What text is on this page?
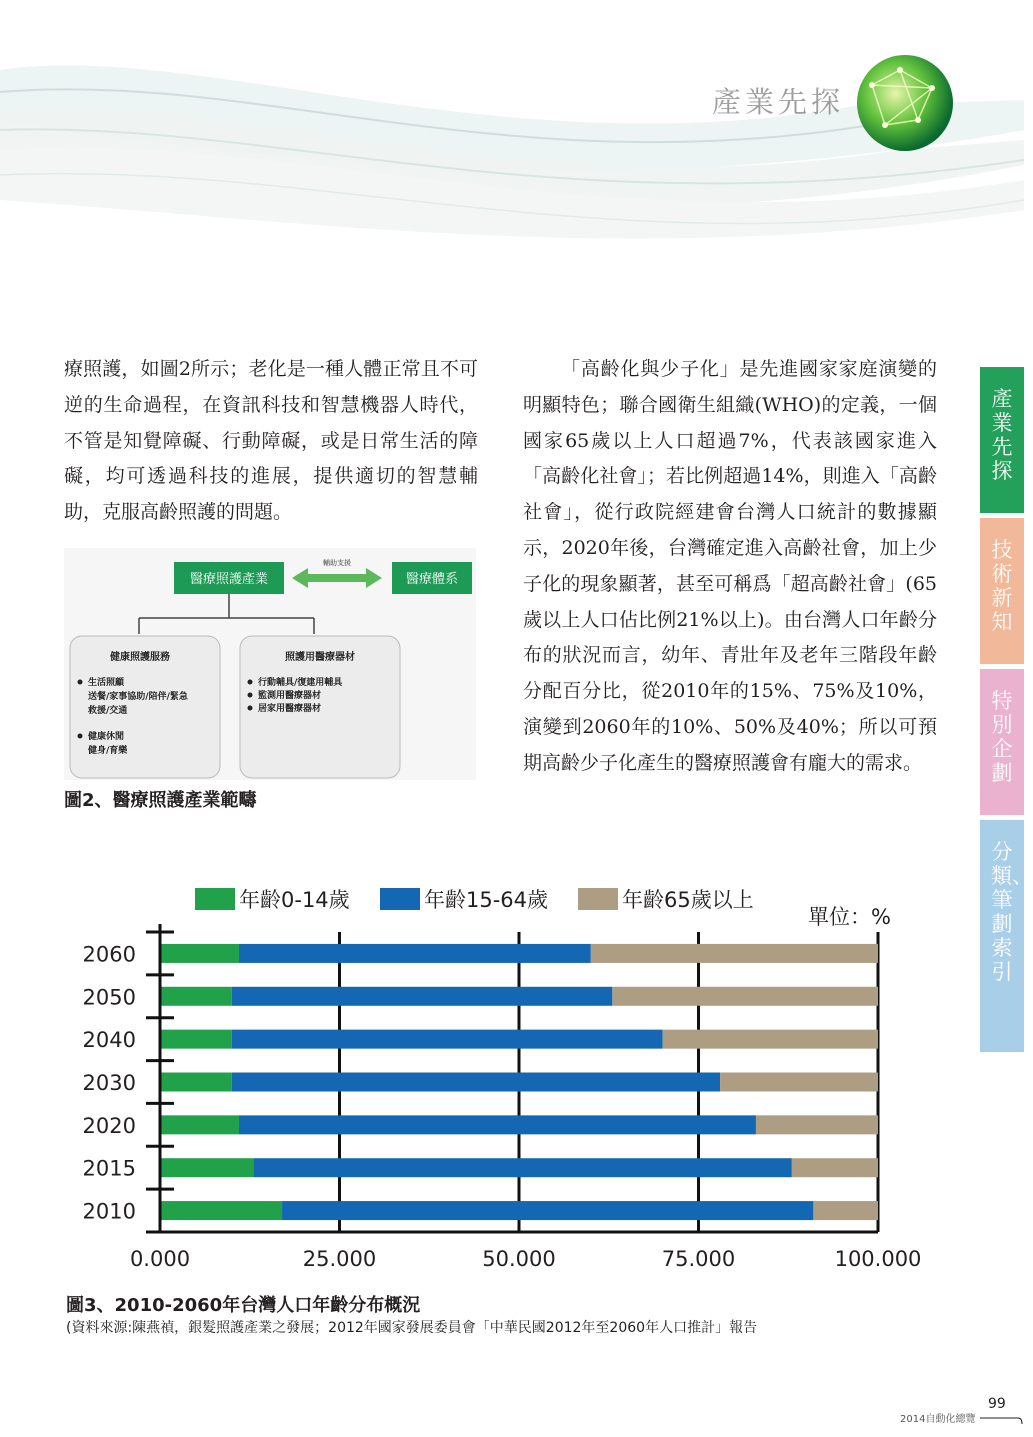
產業先探

療照護，如圖2所示；老化是一種人體正常且不可逆的生命過程，在資訊科技和智慧機器人時代，不管是知覺障礙、行動障礙，或是日常生活的障礙，均可透過科技的進展，提供適切的智慧輔助，克服高齡照護的問題。

醫療照護產業	醫療體系
輔助支援
健康照護服務
生活照顧
送餐/家事協助/陪伴/緊急
救援/交通
健康休閒
健身/育樂
照護用醫療器材
行動輔具/復建用輔具
監測用醫療器材
居家用醫療器材
圖2、醫療照護產業範疇

「高齡化與少子化」是先進國家家庭演變的明顯特色；聯合國衛生組織(WHO)的定義，一個國家65歲以上人口超過7%，代表該國家進入「高齡化社會」；若比例超過14%，則進入「高齡社會」，從行政院經建會台灣人口統計的數據顯示，2020年後，台灣確定進入高齡社會，加上少子化的現象顯著，甚至可稱爲「超高齡社會」(65歲以上人口佔比例21%以上)。由台灣人口年齡分布的狀況而言，幼年、青壯年及老年三階段年齡分配百分比，從2010年的15%、75%及10%，演變到2060年的10%、50%及40%；所以可預期高齡少子化產生的醫療照護會有龐大的需求。

年齡0-14歲	年齡15-64歲	年齡65歲以上
單位：%
2060
2050
2040
2030
2020
2015
2010
0.000	25.000	50.000	75.000	100.000
圖3、2010-2060年台灣人口年齡分布概況
(資料來源:陳燕禎，銀髮照護產業之發展；2012年國家發展委員會「中華民國2012年至2060年人口推計」報告
產業先探
技術新知
特別企劃
分類、筆劃索引
2014自動化總覽
99
